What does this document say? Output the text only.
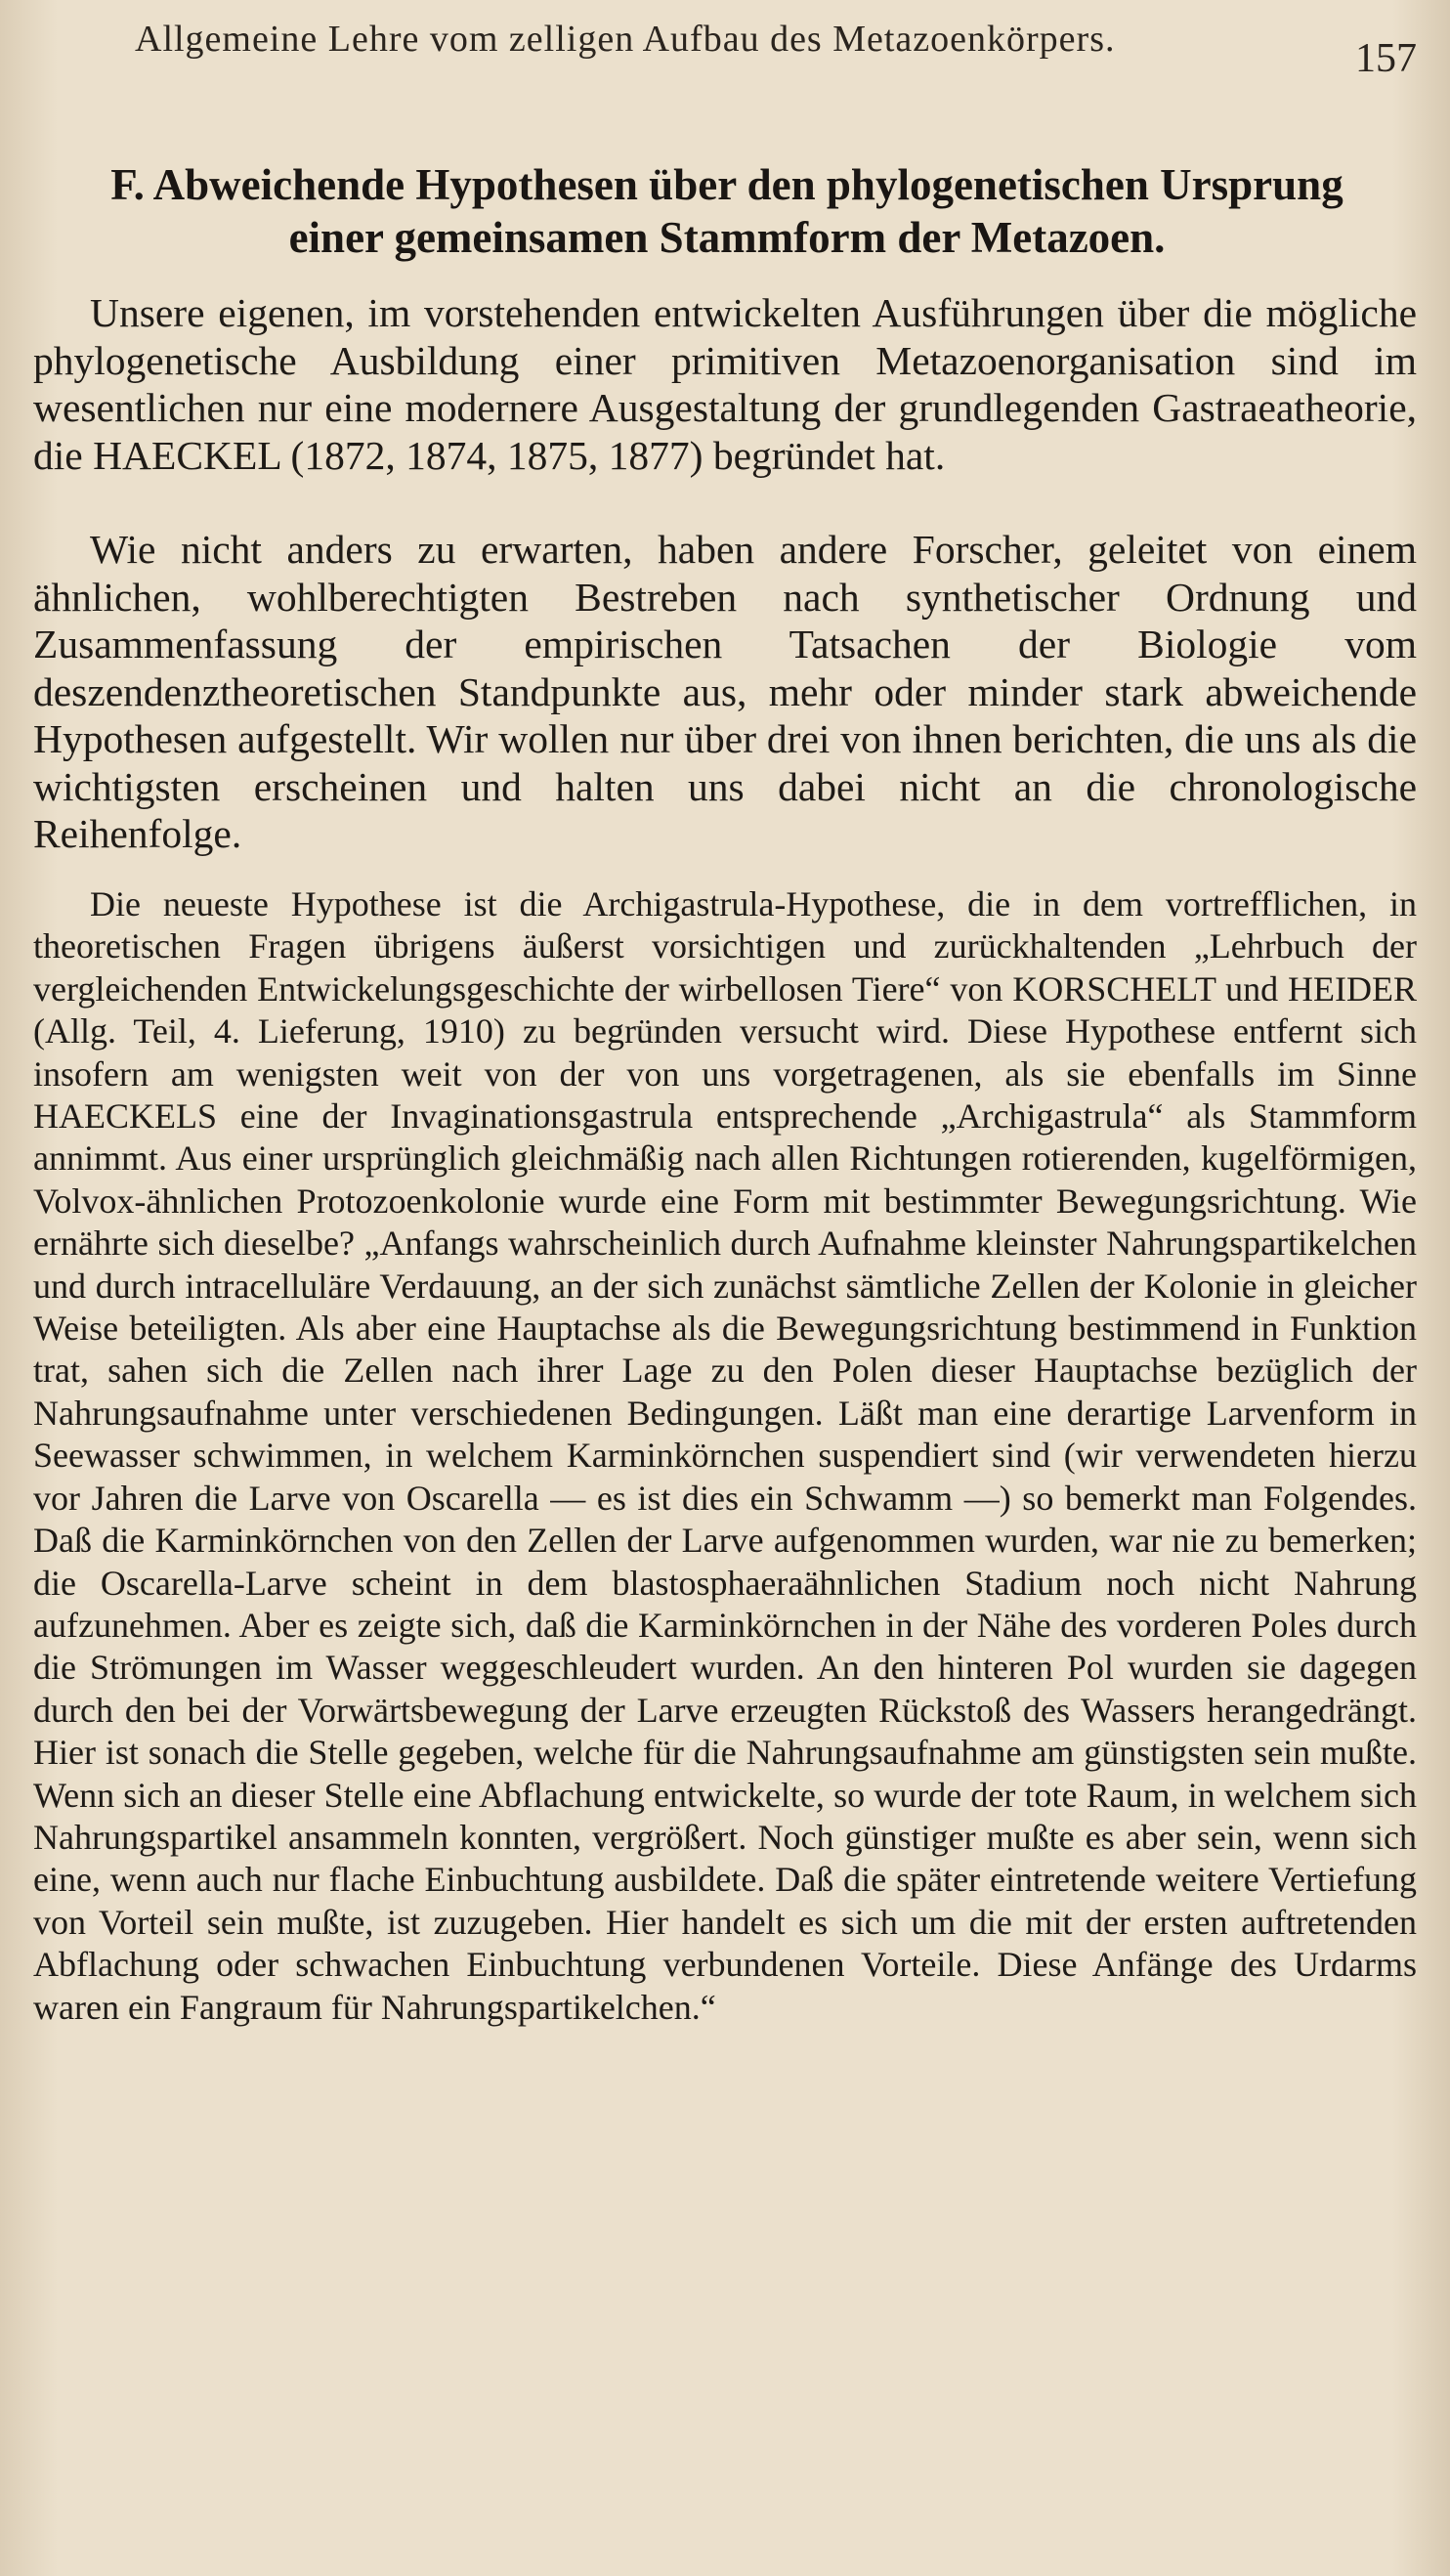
Allgemeine Lehre vom zelligen Aufbau des Metazoenkörpers.	157
F. Abweichende Hypothesen über den phylogenetischen Ursprung
einer gemeinsamen Stammform der Metazoen.

Unsere eigenen, im vorstehenden entwickelten Ausführungen über die mögliche phylogenetische Ausbildung einer primitiven Metazoenorganisation sind im wesentlichen nur eine modernere Ausgestaltung der grundlegenden Gastraeatheorie, die HAECKEL (1872, 1874, 1875, 1877) begründet hat.

Wie nicht anders zu erwarten, haben andere Forscher, geleitet von einem ähnlichen, wohlberechtigten Bestreben nach synthetischer Ordnung und Zusammenfassung der empirischen Tatsachen der Biologie vom deszendenztheoretischen Standpunkte aus, mehr oder minder stark abweichende Hypothesen aufgestellt. Wir wollen nur über drei von ihnen berichten, die uns als die wichtigsten erscheinen und halten uns dabei nicht an die chronologische Reihenfolge.

Die neueste Hypothese ist die Archigastrula-Hypothese, die in dem vortrefflichen, in theoretischen Fragen übrigens äußerst vorsichtigen und zurückhaltenden „Lehrbuch der vergleichenden Entwickelungsgeschichte der wirbellosen Tiere“ von KORSCHELT und HEIDER (Allg. Teil, 4. Lieferung, 1910) zu begründen versucht wird. Diese Hypothese entfernt sich insofern am wenigsten weit von der von uns vorgetragenen, als sie ebenfalls im Sinne HAECKELS eine der Invaginationsgastrula entsprechende „Archigastrula“ als Stammform annimmt. Aus einer ursprünglich gleichmäßig nach allen Richtungen rotierenden, kugelförmigen, Volvox-ähnlichen Protozoenkolonie wurde eine Form mit bestimmter Bewegungsrichtung. Wie ernährte sich dieselbe? „Anfangs wahrscheinlich durch Aufnahme kleinster Nahrungspartikelchen und durch intracelluläre Verdauung, an der sich zunächst sämtliche Zellen der Kolonie in gleicher Weise beteiligten. Als aber eine Hauptachse als die Bewegungsrichtung bestimmend in Funktion trat, sahen sich die Zellen nach ihrer Lage zu den Polen dieser Hauptachse bezüglich der Nahrungsaufnahme unter verschiedenen Bedingungen. Läßt man eine derartige Larvenform in Seewasser schwimmen, in welchem Karminkörnchen suspendiert sind (wir verwendeten hierzu vor Jahren die Larve von Oscarella — es ist dies ein Schwamm —) so bemerkt man Folgendes. Daß die Karminkörnchen von den Zellen der Larve aufgenommen wurden, war nie zu bemerken; die Oscarella-Larve scheint in dem blastosphaeraähnlichen Stadium noch nicht Nahrung aufzunehmen. Aber es zeigte sich, daß die Karminkörnchen in der Nähe des vorderen Poles durch die Strömungen im Wasser weggeschleudert wurden. An den hinteren Pol wurden sie dagegen durch den bei der Vorwärtsbewegung der Larve erzeugten Rückstoß des Wassers herangedrängt. Hier ist sonach die Stelle gegeben, welche für die Nahrungsaufnahme am günstigsten sein mußte. Wenn sich an dieser Stelle eine Abflachung entwickelte, so wurde der tote Raum, in welchem sich Nahrungspartikel ansammeln konnten, vergrößert. Noch günstiger mußte es aber sein, wenn sich eine, wenn auch nur flache Einbuchtung ausbildete. Daß die später eintretende weitere Vertiefung von Vorteil sein mußte, ist zuzugeben. Hier handelt es sich um die mit der ersten auftretenden Abflachung oder schwachen Einbuchtung verbundenen Vorteile. Diese Anfänge des Urdarms waren ein Fangraum für Nahrungspartikelchen.“
